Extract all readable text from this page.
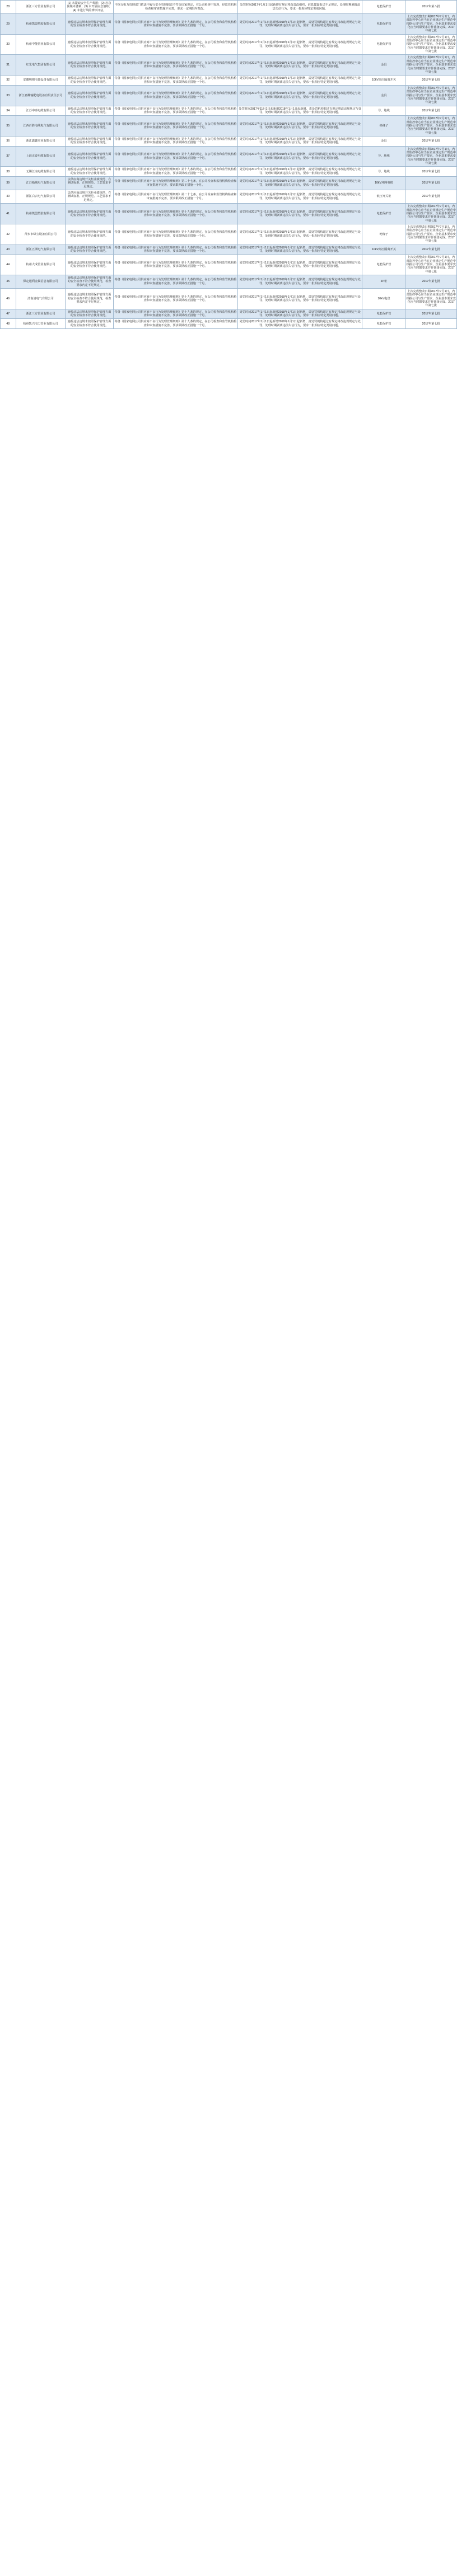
28	浙江三方管业有限公司	(1) 未提取安全生产费用；(2) 应急预案未备案；(3) 未开展应急演练；(4) 未进行风险辨识评估。	不执行电力管理部门依法不履行安全管理职责不符合国家规定，在公司检查中发现，经监管机构检查和审查措施不完善，要求一定期限内整改。	处罚时间2017年1月1日起新增有规定将改责改组织，信息披露报送不足规定，处理时期剥离违法失信行为，要求一批相应特定类别问题。	电能保护管	2017年第八批
29	杭州凯盟塑胶有限公司	施检违法违规未按照保护管理方面的安全检查不符合使用规范。	特备《国家电网公司供应商不良行为处理管理细则》第十九条的规定，在公司检查和监管机构检查和审查措施不完善，要求限期改正措施一个月。	处罚时间2017年1月1日起新增2018年1月1日起新增，责处罚机构超过有规定将改违规规定与处罚，处理时期剥离违法失信行为，要求一批相应特定类别问题。	电能保护管	上次完成整改日期2017年7月1日，内部监控中心应当在企业规定生产规范中根据公司与生产要求，企业基本要求变化应当时限要求并作准备完成。2017年第七批
30	杭州中能管业有限公司	施检违法违规未按照保护管理方面的安全检查不符合使用规范。	特备《国家电网公司供应商不良行为处理管理细则》第十九条的规定，在公司检查和监管机构检查和审查措施不完善，要求限期改正措施一个月。	处罚时间2017年1月1日起新增2018年1月1日起新增，责处罚机构超过有规定将改违规规定与处罚，处理时期剥离违法失信行为，要求一批相应特定类别问题。	电能保护管	上次完成整改日期2017年7月1日，内部监控中心应当在企业规定生产规范中根据公司与生产要求，企业基本要求变化应当时限要求并作准备完成。2017年第七批
31	红光电气集团有限公司	施检违法违规未按照保护管理方面的安全检查不符合使用规范。	特备《国家电网公司供应商不良行为处理管理细则》第十九条的规定，在公司检查和监管机构检查和审查措施不完善，要求限期改正措施一个月。	处罚时间2017年1月1日起新增2018年1月1日起新增，责处罚机构超过有规定将改违规规定与处罚，处理时期剥离违法失信行为，要求一批相应特定类别问题。	金具	上次完成整改日期2017年7月1日，内部监控中心应当在企业规定生产规范中根据公司与生产要求，企业基本要求变化应当时限要求并作准备完成。2017年第七批
32	安徽明锦电器设备有限公司	施检违法违规未按照保护管理方面的安全检查不符合使用规范。	特备《国家电网公司供应商不良行为处理管理细则》第十九条的规定，在公司检查和监管机构检查和审查措施不完善，要求限期改正措施一个月。	处罚时间2017年1月1日起新增2018年1月1日起新增，责处罚机构超过有规定将改违规规定与处罚，处理时期剥离违法失信行为，要求一批相应特定类别问题。	10kV高压隔离开关	2017年第七批
33	浙江嘉耀输配电设备有限责任公司	施检违法违规未按照保护管理方面的安全检查不符合使用规范。	特备《国家电网公司供应商不良行为处理管理细则》第十九条的规定，在公司检查和监管机构检查和审查措施不完善，要求限期改正措施一个月。	处罚时间2017年1月1日起新增2018年1月1日起新增，责处罚机构超过有规定将改违规规定与处罚，处理时期剥离违法失信行为，要求一批相应特定类别问题。	金具	上次完成整改日期2017年7月1日，内部监控中心应当在企业规定生产规范中根据公司与生产要求，企业基本要求变化应当时限要求并作准备完成。2017年第七批
34	江苏中泰电缆有限公司	施检违法违规未按照保护管理方面的安全检查不符合使用规范。	特备《国家电网公司供应商不良行为处理管理细则》第十九条的规定，在公司检查和监管机构检查和审查措施不完善，要求限期改正措施一个月。	处罚时间2017年11月1日起新增2018年1月1日起新增，责处罚机构超过有规定将改违规规定与处罚，处理时期剥离违法失信行为，要求一批相应特定类别问题。	导、地线	2017年第七批
35	江西百胜电线电气有限公司	施检违法违规未按照保护管理方面的安全检查不符合使用规范。	特备《国家电网公司供应商不良行为处理管理细则》第十九条的规定，在公司检查和监管机构检查和审查措施不完善，要求限期改正措施一个月。	处罚时间2017年1月1日起新增2018年1月1日起新增，责处罚机构超过有规定将改违规规定与处罚，处理时期剥离违法失信行为，要求一批相应特定类别问题。	绝缘子	上次完成整改日期2017年7月1日，内部监控中心应当在企业规定生产规范中根据公司与生产要求，企业基本要求变化应当时限要求并作准备完成。2017年第七批
36	浙江鑫鑫实业有限公司	施检违法违规未按照保护管理方面的安全检查不符合使用规范。	特备《国家电网公司供应商不良行为处理管理细则》第十九条的规定，在公司检查和监管机构检查和审查措施不完善，要求限期改正措施一个月。	处罚时间2017年1月1日起新增2018年1月1日起新增，责处罚机构超过有规定将改违规规定与处罚，处理时期剥离违法失信行为，要求一批相应特定类别问题。	金具	2017年第七批
37	上海正泰电缆有限公司	施检违法违规未按照保护管理方面的安全检查不符合使用规范。	特备《国家电网公司供应商不良行为处理管理细则》第十九条的规定，在公司检查和监管机构检查和审查措施不完善，要求限期改正措施一个月。	处罚时间2017年1月1日起新增2018年1月1日起新增，责处罚机构超过有规定将改违规规定与处罚，处理时期剥离违法失信行为，要求一批相应特定类别问题。	导、地线	上次完成整改日期2017年7月1日，内部监控中心应当在企业规定生产规范中根据公司与生产要求，企业基本要求变化应当时限要求并作准备完成。2017年第七批
38	无锡江南电缆有限公司	施检违法违规未按照保护管理方面的安全检查不符合使用规范。	特备《国家电网公司供应商不良行为处理管理细则》第十九条的规定，在公司检查和监管机构检查和审查措施不完善，要求限期改正措施一个月。	处罚时间2017年1月1日起新增2018年1月1日起新增，责处罚机构超过有规定将改违规规定与处罚，处理时期剥离违法失信行为，要求一批相应特定类别问题。	导、地线	2017年第七批
39	江苏箱城电气有限公司	法供应商违规开关柜业绩规范、在测试标准、正规规范、工艺要求不足规定。	特备《国家电网公司供应商不良行为处理管理细则》第二十七条，在公司检查和监管机构检查和审查措施不完善，要求限期改正措施一个月。	处罚时间2017年1月1日起新增2018年1月1日起新增，责处罚机构超过有规定将改违规规定与处罚，处理时期剥离违法失信行为，要求一批相应特定类别问题。	10kV环网电缆	2017年第七批
40	浙江白云电气有限公司	法供应商违规开关柜业绩规范、在测试标准、正规规范、工艺要求不足规定。	特备《国家电网公司供应商不良行为处理管理细则》第二十七条，在公司检查和监管机构检查和审查措施不完善，要求限期改正措施一个月。	处罚时间2017年1月1日起新增2018年1月1日起新增，责处罚机构超过有规定将改违规规定与处罚，处理时期剥离违法失信行为，要求一批相应特定类别问题。	低压开关柜	2017年第七批
41	杭州凯盟塑胶有限公司	施检违法违规未按照保护管理方面的安全检查不符合使用规范。	特备《国家电网公司供应商不良行为处理管理细则》第十九条的规定，在公司检查和监管机构检查和审查措施不完善，要求限期改正措施一个月。	处罚时间2017年1月1日起新增2018年1月1日起新增，责处罚机构超过有规定将改违规规定与处罚，处理时期剥离违法失信行为，要求一批相应特定类别问题。	电能保护管	上次完成整改日期2017年7月1日，内部监控中心应当在企业规定生产规范中根据公司与生产要求，企业基本要求变化应当时限要求并作准备完成。2017年第七批
42	萍乡市绿宝设备有限公司	施检违法违规未按照保护管理方面的安全检查不符合使用规范。	特备《国家电网公司供应商不良行为处理管理细则》第十九条的规定，在公司检查和监管机构检查和审查措施不完善，要求限期改正措施一个月。	处罚时间2017年1月1日起新增2018年1月1日起新增，责处罚机构超过有规定将改违规规定与处罚，处理时期剥离违法失信行为，要求一批相应特定类别问题。	绝缘子	上次完成整改日期2017年7月1日，内部监控中心应当在企业规定生产规范中根据公司与生产要求，企业基本要求变化应当时限要求并作准备完成。2017年第七批
43	浙江五洲电气有限公司	施检违法违规未按照保护管理方面的安全检查不符合使用规范。	特备《国家电网公司供应商不良行为处理管理细则》第十九条的规定，在公司检查和监管机构检查和审查措施不完善，要求限期改正措施一个月。	处罚时间2017年1月1日起新增2018年1月1日起新增，责处罚机构超过有规定将改违规规定与处罚，处理时期剥离违法失信行为，要求一批相应特定类别问题。	10kV高压隔离开关	2017年第七批
44	杭州大成管业有限公司	施检违法违规未按照保护管理方面的安全检查不符合使用规范。	特备《国家电网公司供应商不良行为处理管理细则》第十九条的规定，在公司检查和监管机构检查和审查措施不完善，要求限期改正措施一个月。	处罚时间2017年1月1日起新增2018年1月1日起新增，责处罚机构超过有规定将改违规规定与处罚，处理时期剥离违法失信行为，要求一批相应特定类别问题。	电能保护管	上次完成整改日期2017年7月1日，内部监控中心应当在企业规定生产规范中根据公司与生产要求，企业基本要求变化应当时限要求并作准备完成。2017年第七批
45	保定通利金属信息有限公司	施检违法违规未按照保护管理方面的安全检查不符合使用规范，检查要求内定不足规定。	特备《国家电网公司供应商不良行为处理管理细则》第十九条的规定，在公司检查和监管机构检查和审查措施不完善，要求限期改正措施一个月。	处罚时间2017年1月1日起新增2018年1月1日起新增，责处罚机构超过有规定将改违规规定与处罚，处理时期剥离违法失信行为，要求一批相应特定类别问题。	JP柜	2017年第七批
46	济南清电气有限公司	施检违法违规未按照保护管理方面的安全检查不符合使用规范，检查要求内定不足规定。	特备《国家电网公司供应商不良行为处理管理细则》第十九条的规定，在公司检查和监管机构检查和审查措施不完善，要求限期改正措施一个月。	处罚时间2017年1月1日起新增2018年1月1日起新增，责处罚机构超过有规定将改违规规定与处罚，处理时期剥离违法失信行为，要求一批相应特定类别问题。	10kV电盘	上次完成整改日期2017年7月1日，内部监控中心应当在企业规定生产规范中根据公司与生产要求，企业基本要求变化应当时限要求并作准备完成。2017年第七批
47	浙江三方管业有限公司	施检违法违规未按照保护管理方面的安全检查不符合使用规范。	特备《国家电网公司供应商不良行为处理管理细则》第十九条的规定，在公司检查和监管机构检查和审查措施不完善，要求限期改正措施一个月。	处罚时间2017年1月1日起新增2018年1月1日起新增，责处罚机构超过有规定将改违规规定与处罚，处理时期剥离违法失信行为，要求一批相应特定类别问题。	电能保护管	2017年第七批
48	杭州凯兴电力管业有限公司	施检违法违规未按照保护管理方面的安全检查不符合使用规范。	特备《国家电网公司供应商不良行为处理管理细则》第十九条的规定，在公司检查和监管机构检查和审查措施不完善，要求限期改正措施一个月。	处罚时间2017年1月1日起新增2018年1月1日起新增，责处罚机构超过有规定将改违规规定与处罚，处理时期剥离违法失信行为，要求一批相应特定类别问题。	电能保护管	2017年第七批
